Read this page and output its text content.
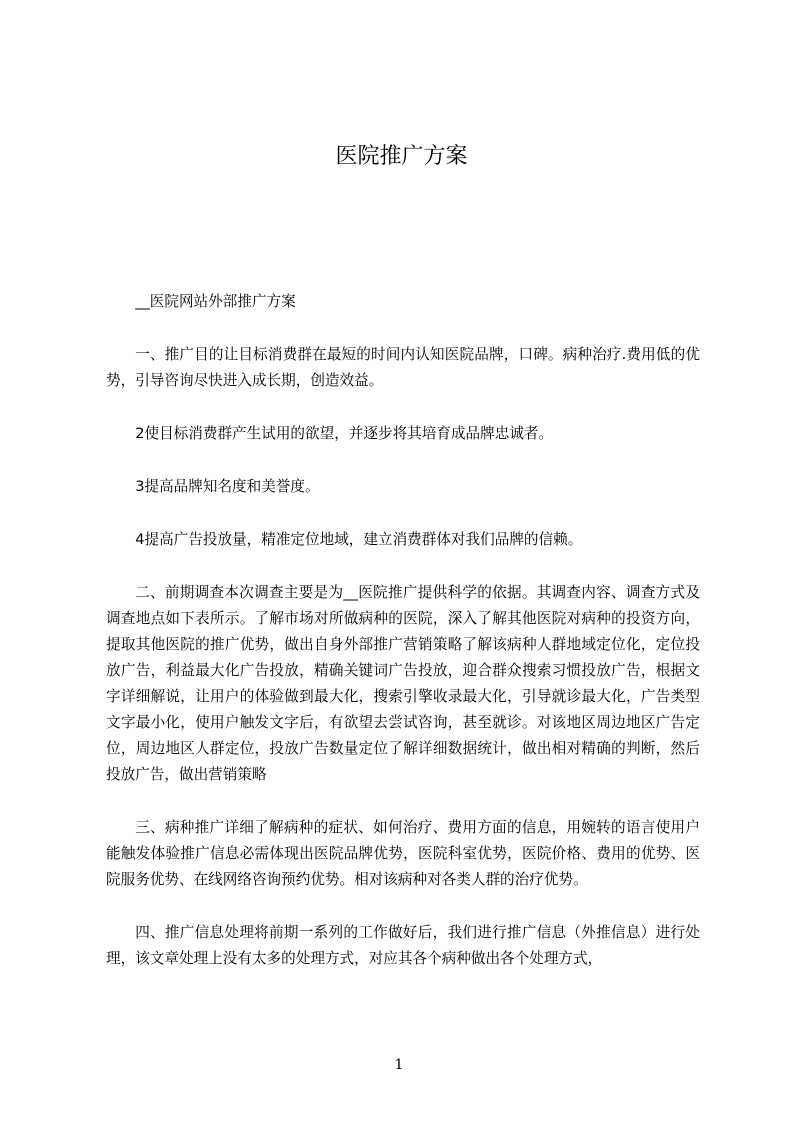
医院推广方案

__医院网站外部推广方案

一、推广目的让目标消费群在最短的时间内认知医院品牌，口碑。病种治疗.费用低的优势，引导咨询尽快进入成长期，创造效益。

2使目标消费群产生试用的欲望，并逐步将其培育成品牌忠诚者。

3提高品牌知名度和美誉度。

4提高广告投放量，精准定位地域，建立消费群体对我们品牌的信赖。

二、前期调查本次调查主要是为__医院推广提供科学的依据。其调查内容、调查方式及调查地点如下表所示。了解市场对所做病种的医院，深入了解其他医院对病种的投资方向，提取其他医院的推广优势，做出自身外部推广营销策略了解该病种人群地域定位化，定位投放广告，利益最大化广告投放，精确关键词广告投放，迎合群众搜索习惯投放广告，根据文字详细解说，让用户的体验做到最大化，搜索引擎收录最大化，引导就诊最大化，广告类型文字最小化，使用户触发文字后，有欲望去尝试咨询，甚至就诊。对该地区周边地区广告定位，周边地区人群定位，投放广告数量定位了解详细数据统计，做出相对精确的判断，然后投放广告，做出营销策略

三、病种推广详细了解病种的症状、如何治疗、费用方面的信息，用婉转的语言使用户能触发体验推广信息必需体现出医院品牌优势，医院科室优势，医院价格、费用的优势、医院服务优势、在线网络咨询预约优势。相对该病种对各类人群的治疗优势。

四、推广信息处理将前期一系列的工作做好后，我们进行推广信息（外推信息）进行处理，该文章处理上没有太多的处理方式，对应其各个病种做出各个处理方式，

1
